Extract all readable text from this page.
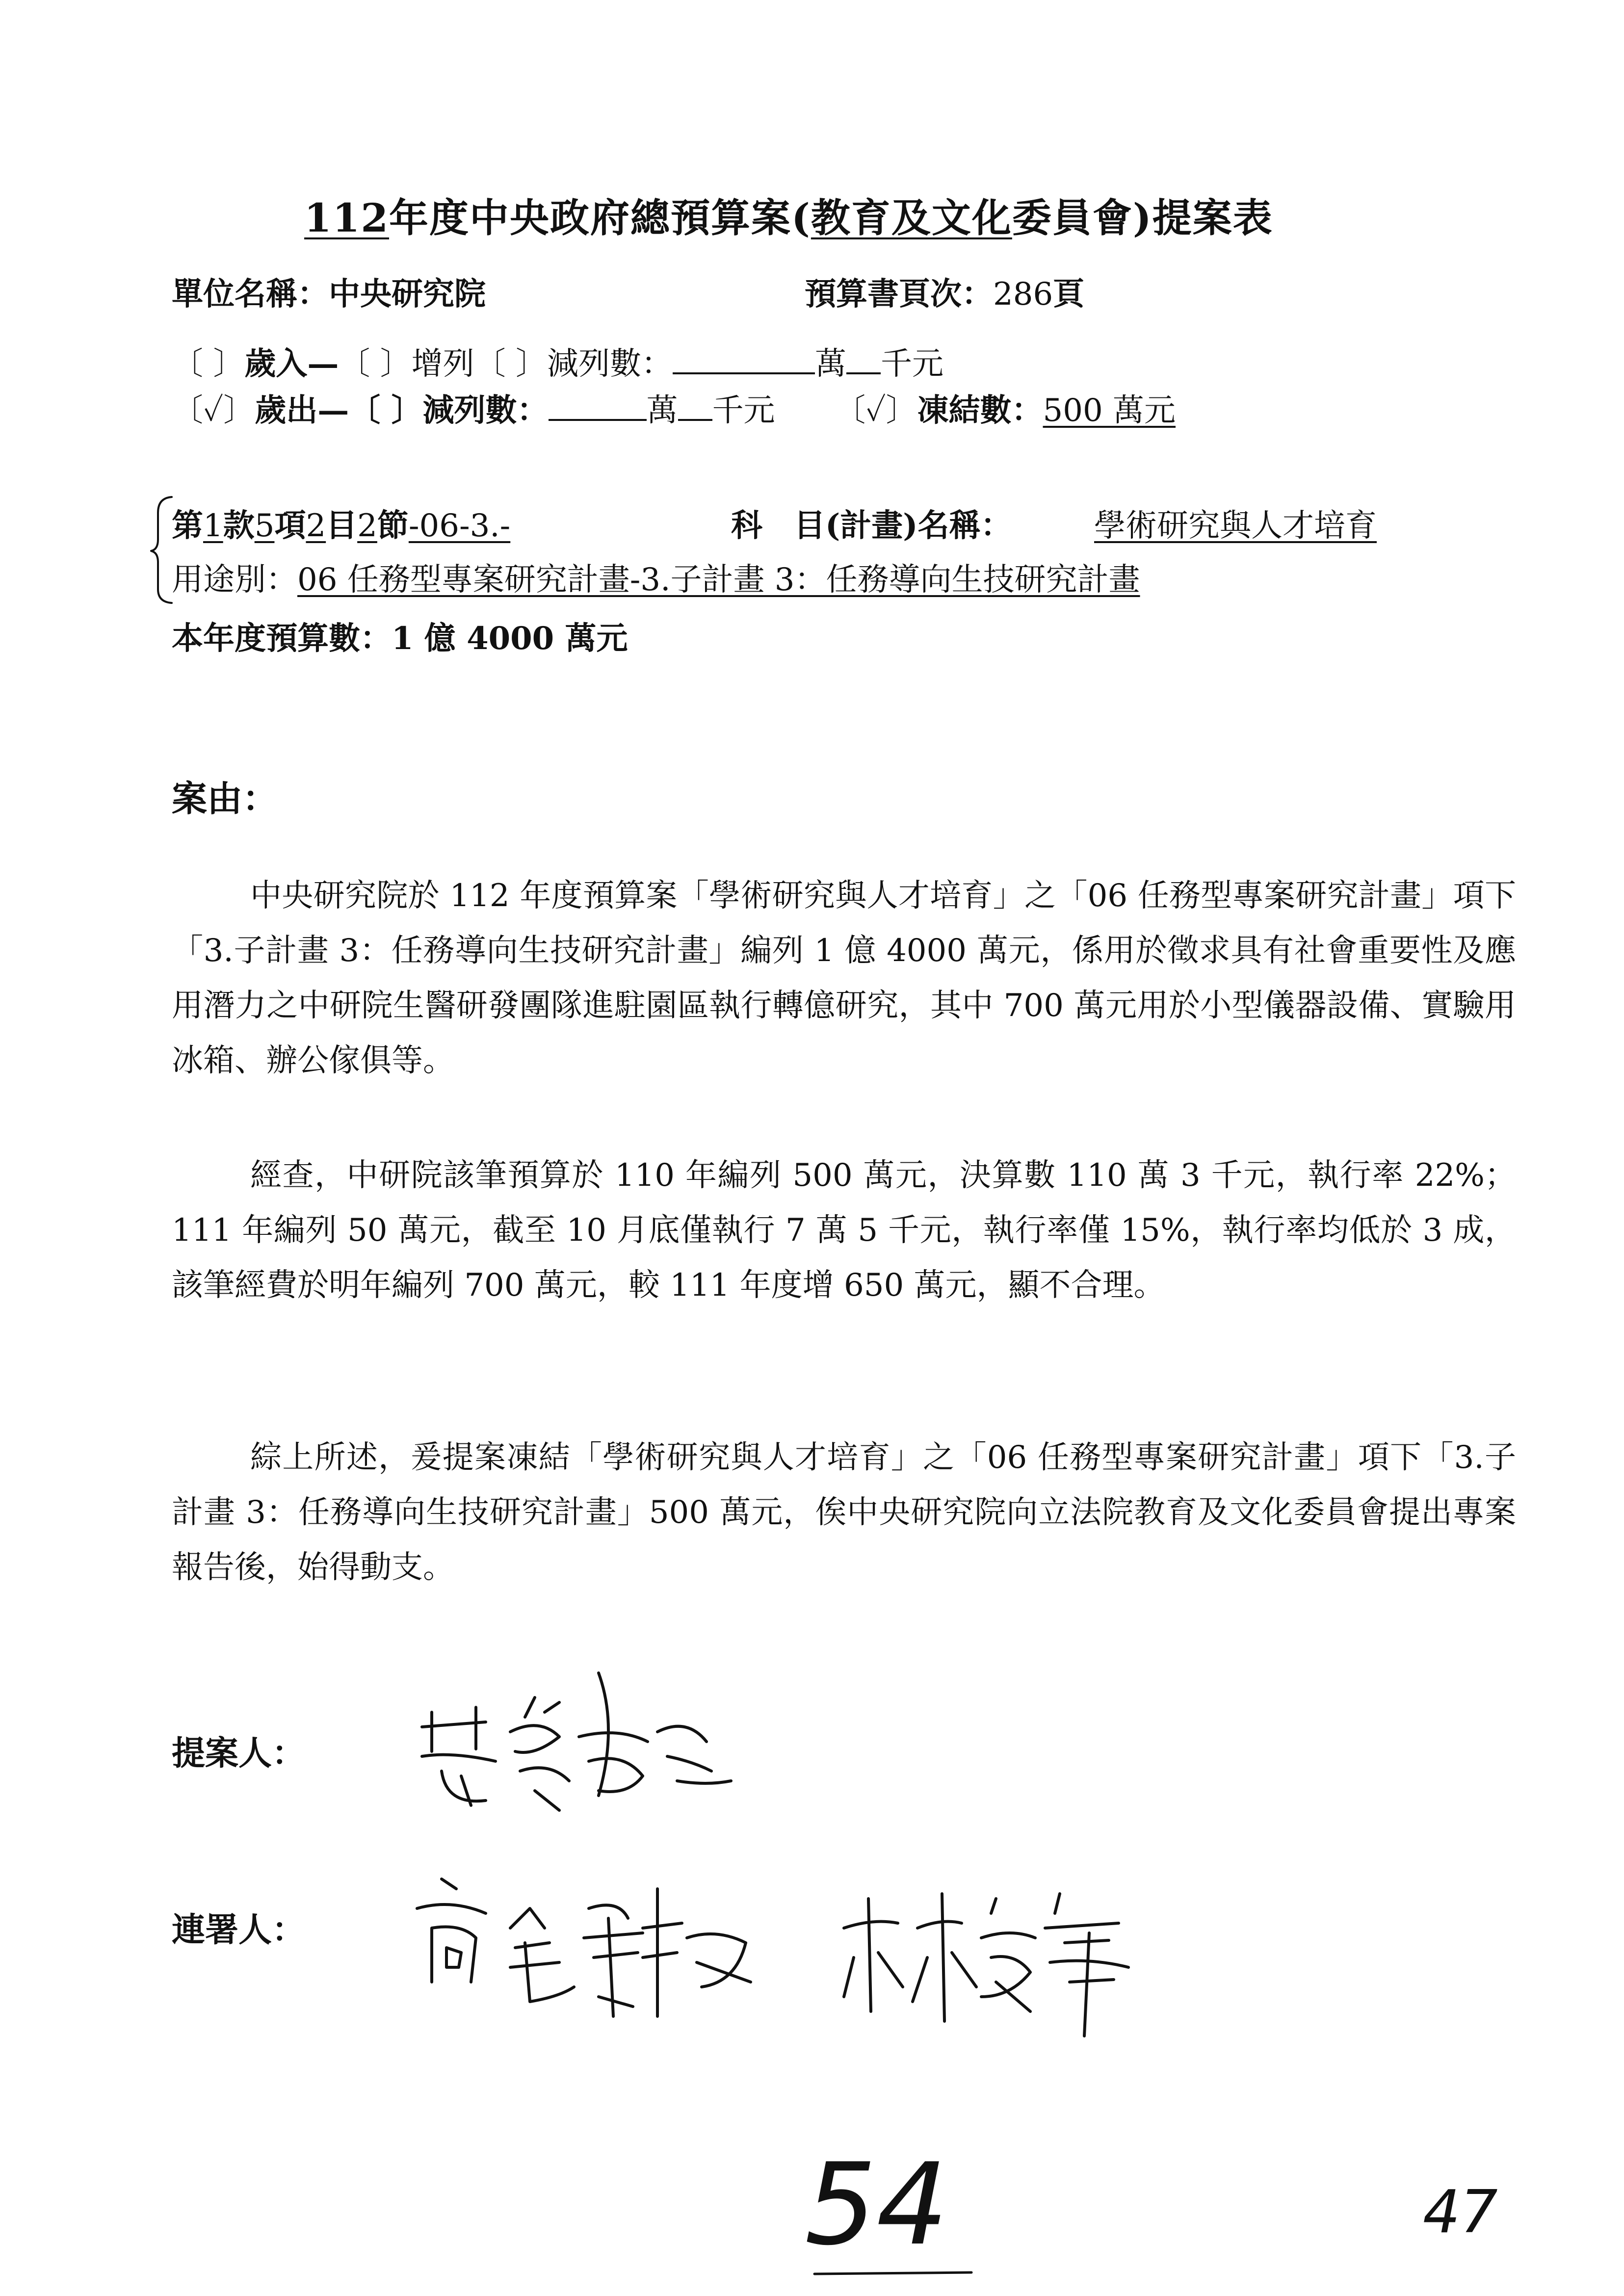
112年度中央政府總預算案(教育及文化委員會)提案表
單位名稱：中央研究院	預算書頁次：286頁
〔 〕歲入—〔 〕增列〔 〕減列數：	萬 千元
〔✓〕歲出—〔 〕減列數：	萬 千元 〔✓〕凍結數：500 萬元
第1款5項2目2節-06-3.-	科　目(計畫)名稱：	學術研究與人才培育
用途別：06 任務型專案研究計畫-3.子計畫 3：任務導向生技研究計畫
本年度預算數：1 億 4000 萬元
案由：
中央研究院於 112 年度預算案「學術研究與人才培育」之「06 任務型專案研究計畫」項下「3.子計畫 3：任務導向生技研究計畫」編列 1 億 4000 萬元，係用於徵求具有社會重要性及應用潛力之中研院生醫研發團隊進駐園區執行轉億研究，其中 700 萬元用於小型儀器設備、實驗用冰箱、辦公傢俱等。
經查，中研院該筆預算於 110 年編列 500 萬元，決算數 110 萬 3 千元，執行率 22%；111 年編列 50 萬元，截至 10 月底僅執行 7 萬 5 千元，執行率僅 15%，執行率均低於 3 成，該筆經費於明年編列 700 萬元，較 111 年度增 650 萬元，顯不合理。
綜上所述，爰提案凍結「學術研究與人才培育」之「06 任務型專案研究計畫」項下「3.子計畫 3：任務導向生技研究計畫」500 萬元，俟中央研究院向立法院教育及文化委員會提出專案報告後，始得動支。
提案人：
連署人：
54	47
